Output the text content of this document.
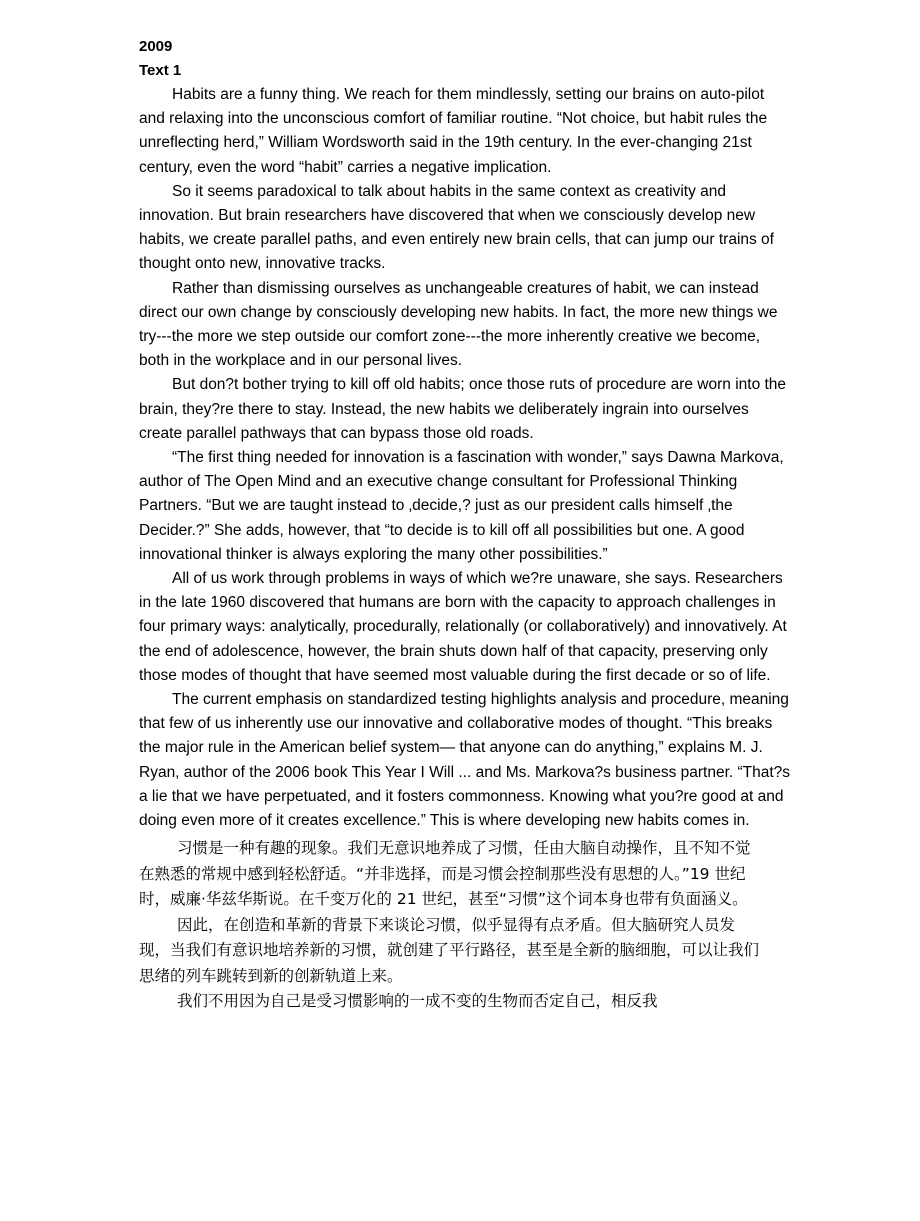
2009

Text 1

Habits are a funny thing. We reach for them mindlessly, setting our brains on auto-pilot and relaxing into the unconscious comfort of familiar routine. “Not choice, but habit rules the unreflecting herd,” William Wordsworth said in the 19th century. In the ever-changing 21st century, even the word “habit” carries a negative implication.

So it seems paradoxical to talk about habits in the same context as creativity and innovation. But brain researchers have discovered that when we consciously develop new habits, we create parallel paths, and even entirely new brain cells, that can jump our trains of thought onto new, innovative tracks.

Rather than dismissing ourselves as unchangeable creatures of habit, we can instead direct our own change by consciously developing new habits. In fact, the more new things we try---the more we step outside our comfort zone---the more inherently creative we become, both in the workplace and in our personal lives.

But don?t bother trying to kill off old habits; once those ruts of procedure are worn into the brain, they?re there to stay. Instead, the new habits we deliberately ingrain into ourselves create parallel pathways that can bypass those old roads.

“The first thing needed for innovation is a fascination with wonder,” says Dawna Markova, author of The Open Mind and an executive change consultant for Professional Thinking Partners. “But we are taught instead to ‚decide,? just as our president calls himself ‚the Decider.?” She adds, however, that “to decide is to kill off all possibilities but one. A good innovational thinker is always exploring the many other possibilities.”

All of us work through problems in ways of which we?re unaware, she says. Researchers in the late 1960 discovered that humans are born with the capacity to approach challenges in four primary ways: analytically, procedurally, relationally (or collaboratively) and innovatively. At the end of adolescence, however, the brain shuts down half of that capacity, preserving only those modes of thought that have seemed most valuable during the first decade or so of life.

The current emphasis on standardized testing highlights analysis and procedure, meaning that few of us inherently use our innovative and collaborative modes of thought. “This breaks the major rule in the American belief system— that anyone can do anything,” explains M. J. Ryan, author of the 2006 book This Year I Will ... and Ms. Markova?s business partner. “That?s a lie that we have perpetuated, and it fosters commonness. Knowing what you?re good at and doing even more of it creates excellence.” This is where developing new habits comes in.

习惯是一种有趣的现象。我们无意识地养成了习惯，任由大脑自动操作，且不知不觉在熟悉的常规中感到轻松舒适。“并非选择，而是习惯会控制那些没有思想的人。”19 世纪时，威廉·华兹华斯说。在千变万化的 21 世纪，甚至“习惯”这个词本身也带有负面涵义。

因此，在创造和革新的背景下来谈论习惯，似乎显得有点矛盾。但大脑研究人员发现，当我们有意识地培养新的习惯，就创建了平行路径，甚至是全新的脑细胞，可以让我们思绪的列车跳转到新的创新轨道上来。

我们不用因为自己是受习惯影响的一成不变的生物而否定自己，相反我
